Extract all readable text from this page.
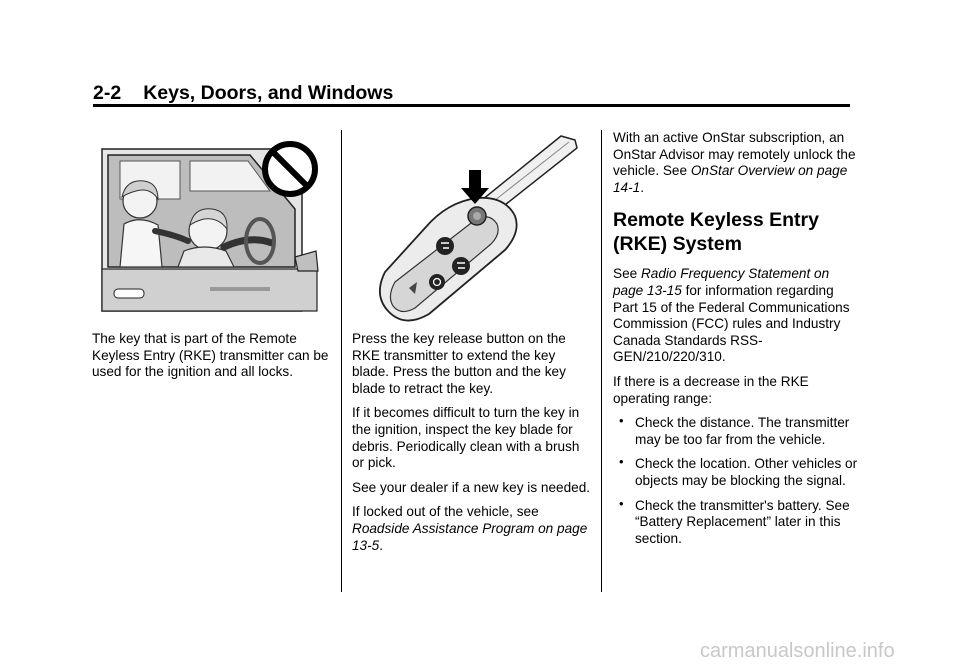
2-2 Keys, Doors, and Windows

The key that is part of the Remote Keyless Entry (RKE) transmitter can be used for the ignition and all locks.

Press the key release button on the RKE transmitter to extend the key blade. Press the button and the key blade to retract the key.

If it becomes difficult to turn the key in the ignition, inspect the key blade for debris. Periodically clean with a brush or pick.

See your dealer if a new key is needed.

If locked out of the vehicle, see
Roadside Assistance Program on page 13-5.

With an active OnStar subscription, an OnStar Advisor may remotely unlock the vehicle. See OnStar Overview on page 14-1.

Remote Keyless Entry (RKE) System

See Radio Frequency Statement on page 13-15 for information regarding Part 15 of the Federal Communications Commission (FCC) rules and Industry Canada Standards RSS-GEN/210/220/310.

If there is a decrease in the RKE operating range:

• Check the distance. The transmitter may be too far from the vehicle.
• Check the location. Other vehicles or objects may be blocking the signal.
• Check the transmitter's battery. See “Battery Replacement” later in this section.
carmanualsonline.info
